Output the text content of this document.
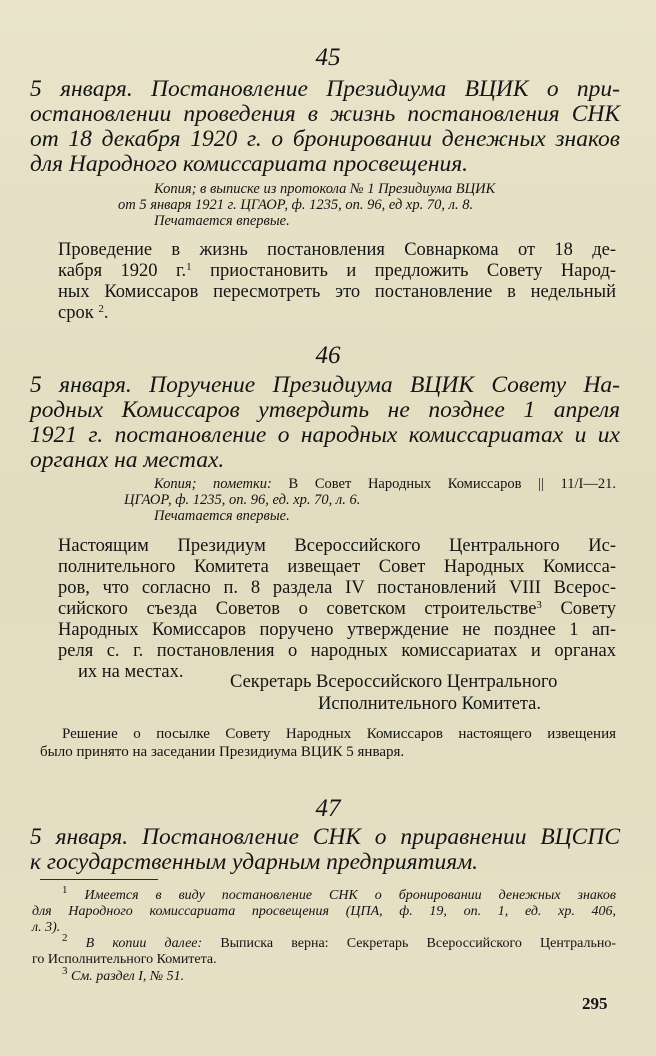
45
5 января. Постановление Президиума ВЦИК о при-
остановлении проведения в жизнь постановления СНК
от 18 декабря 1920 г. о бронировании денежных знаков
для Народного комиссариата просвещения.
Копия; в выписке из протокола № 1 Президиума ВЦИК
от 5 января 1921 г. ЦГАОР, ф. 1235, оп. 96, ед хр. 70, л. 8.
Печатается впервые.
Проведение в жизнь постановления Совнаркома от 18 де-
кабря 1920 г.$^1$ приостановить и предложить Совету Народ-
ных Комиссаров пересмотреть это постановление в недельный
срок $^2$.
46
5 января. Поручение Президиума ВЦИК Совету На-
родных Комиссаров утвердить не позднее 1 апреля
1921 г. постановление о народных комиссариатах и их
органах на местах.
Копия; пометки: В Совет Народных Комиссаров || 11/I—21.
ЦГАОР, ф. 1235, оп. 96, ед. хр. 70, л. 6.
Печатается впервые.
Настоящим Президиум Всероссийского Центрального Ис-
полнительного Комитета извещает Совет Народных Комисса-
ров, что согласно п. 8 раздела IV постановлений VIII Всерос-
сийского съезда Советов о советском строительстве$^3$ Совету
Народных Комиссаров поручено утверждение не позднее 1 ап-
реля с. г. постановления о народных комиссариатах и органах
их на местах.	Секретарь Всероссийского Центрального
Исполнительного Комитета.
Решение о посылке Совету Народных Комиссаров настоящего извещения
было принято на заседании Президиума ВЦИК 5 января.
47
5 января. Постановление СНК о приравнении ВЦСПС
к государственным ударным предприятиям.
$^1$ Имеется в виду постановление СНК о бронировании денежных знаков
для Народного комиссариата просвещения (ЦПА, ф. 19, оп. 1, ед. хр. 406,
л. 3).
$^2$ В копии далее: Выписка верна: Секретарь Всероссийского Центрально-
го Исполнительного Комитета.
$^3$ См. раздел I, № 51.
295
